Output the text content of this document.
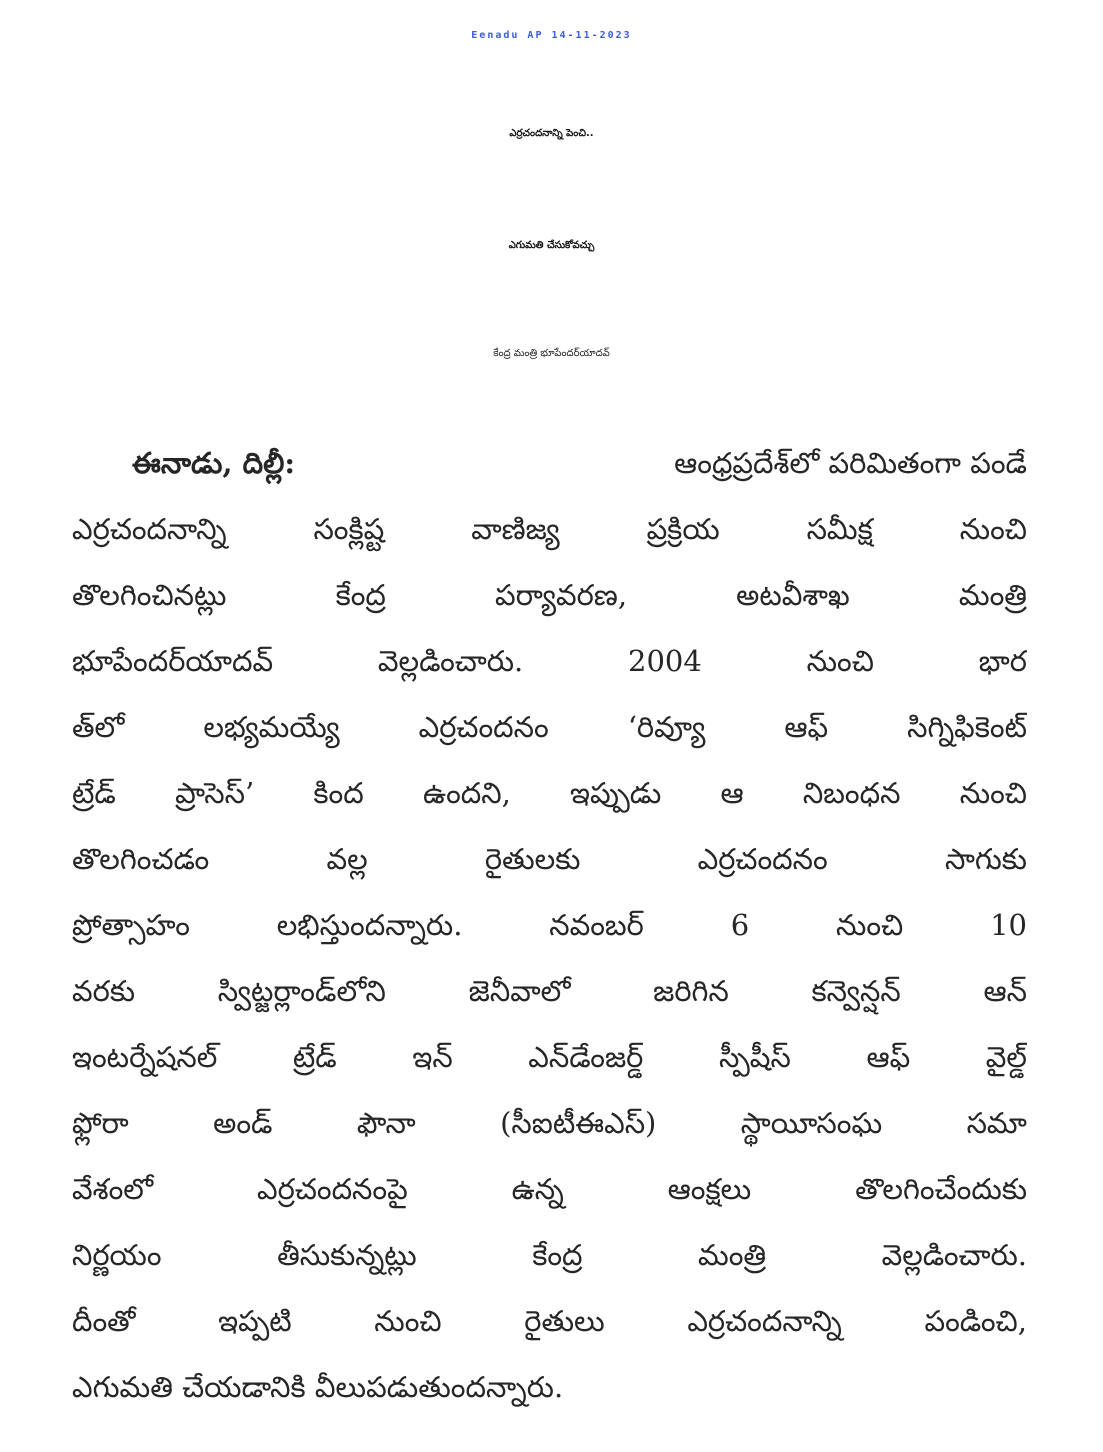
Eenadu AP 14-11-2023
ఎర్రచందనాన్ని పెంచి..
ఎగుమతి చేసుకోవచ్చు
కేంద్ర మంత్రి భూపేందర్‌యాదవ్
ఈనాడు, దిల్లీ:	ఆంధ్రప్రదేశ్‌లో పరిమితంగా పండే
ఎర్రచందనాన్ని	సంక్లిష్ట	వాణిజ్య	ప్రక్రియ	సమీక్ష	నుంచి
తొలగించినట్లు	కేంద్ర	పర్యావరణ,	అటవీశాఖ	మంత్రి
భూపేందర్‌యాదవ్	వెల్లడించారు.	2004	నుంచి	భార
త్‌లో	లభ్యమయ్యే	ఎర్రచందనం	‘రివ్యూ	ఆఫ్	సిగ్నిఫికెంట్
ట్రేడ్ ప్రాసెస్’ కింద ఉందని, ఇప్పుడు ఆ నిబంధన నుంచి
తొలగించడం	వల్ల	రైతులకు	ఎర్రచందనం	సాగుకు
ప్రోత్సాహం	లభిస్తుందన్నారు.	నవంబర్	6	నుంచి	10
వరకు	స్విట్జర్లాండ్‌లోని	జెనీవాలో	జరిగిన	కన్వెన్షన్	ఆన్
ఇంటర్నేషనల్	ట్రేడ్	ఇన్	ఎన్‌డేంజర్డ్	స్పీషీస్	ఆఫ్	వైల్డ్
ఫ్లోరా	అండ్	ఫౌనా	(సీఐటీఈఎస్)	స్థాయీసంఘ	సమా
వేశంలో	ఎర్రచందనంపై	ఉన్న	ఆంక్షలు	తొలగించేందుకు
నిర్ణయం	తీసుకున్నట్లు	కేంద్ర	మంత్రి	వెల్లడించారు.
దీంతో	ఇప్పటి	నుంచి	రైతులు	ఎర్రచందనాన్ని	పండించి,
ఎగుమతి చేయడానికి వీలుపడుతుందన్నారు.
